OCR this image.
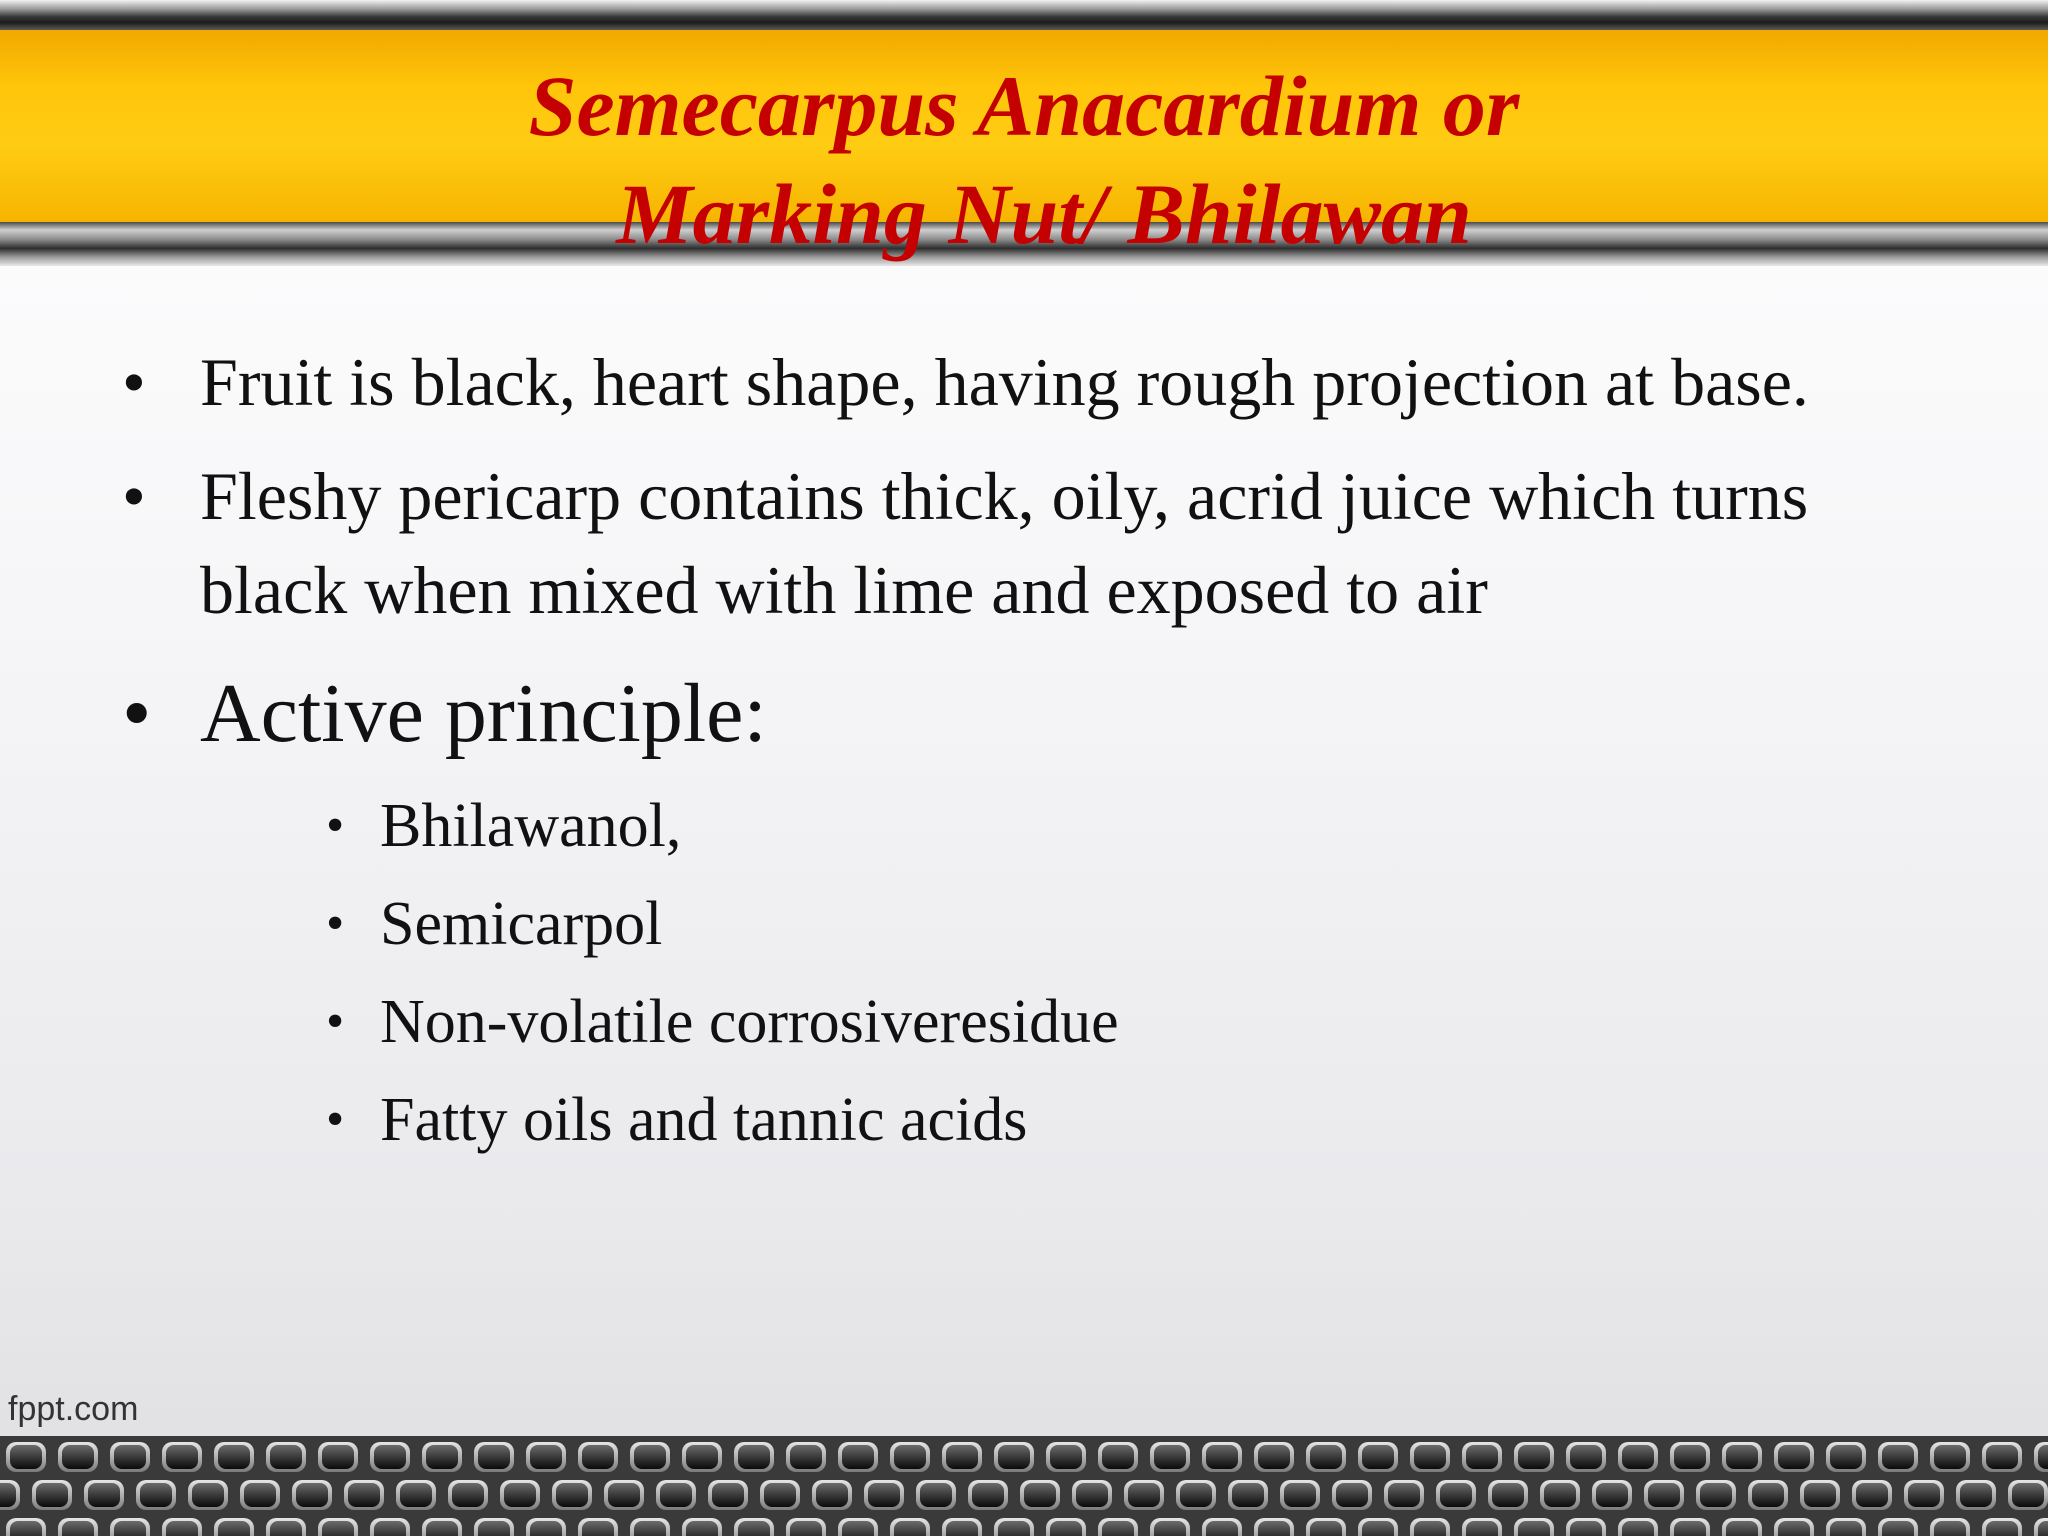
Semecarpus Anacardium or
Marking Nut/ Bhilawan
• Fruit is black, heart shape, having rough projection at base.
• Fleshy pericarp contains thick, oily, acrid juice which turns black when mixed with lime and exposed to air
• Active principle:
• Bhilawanol,
• Semicarpol
• Non-volatile corrosiveresidue
• Fatty oils and tannic acids
fppt.com
